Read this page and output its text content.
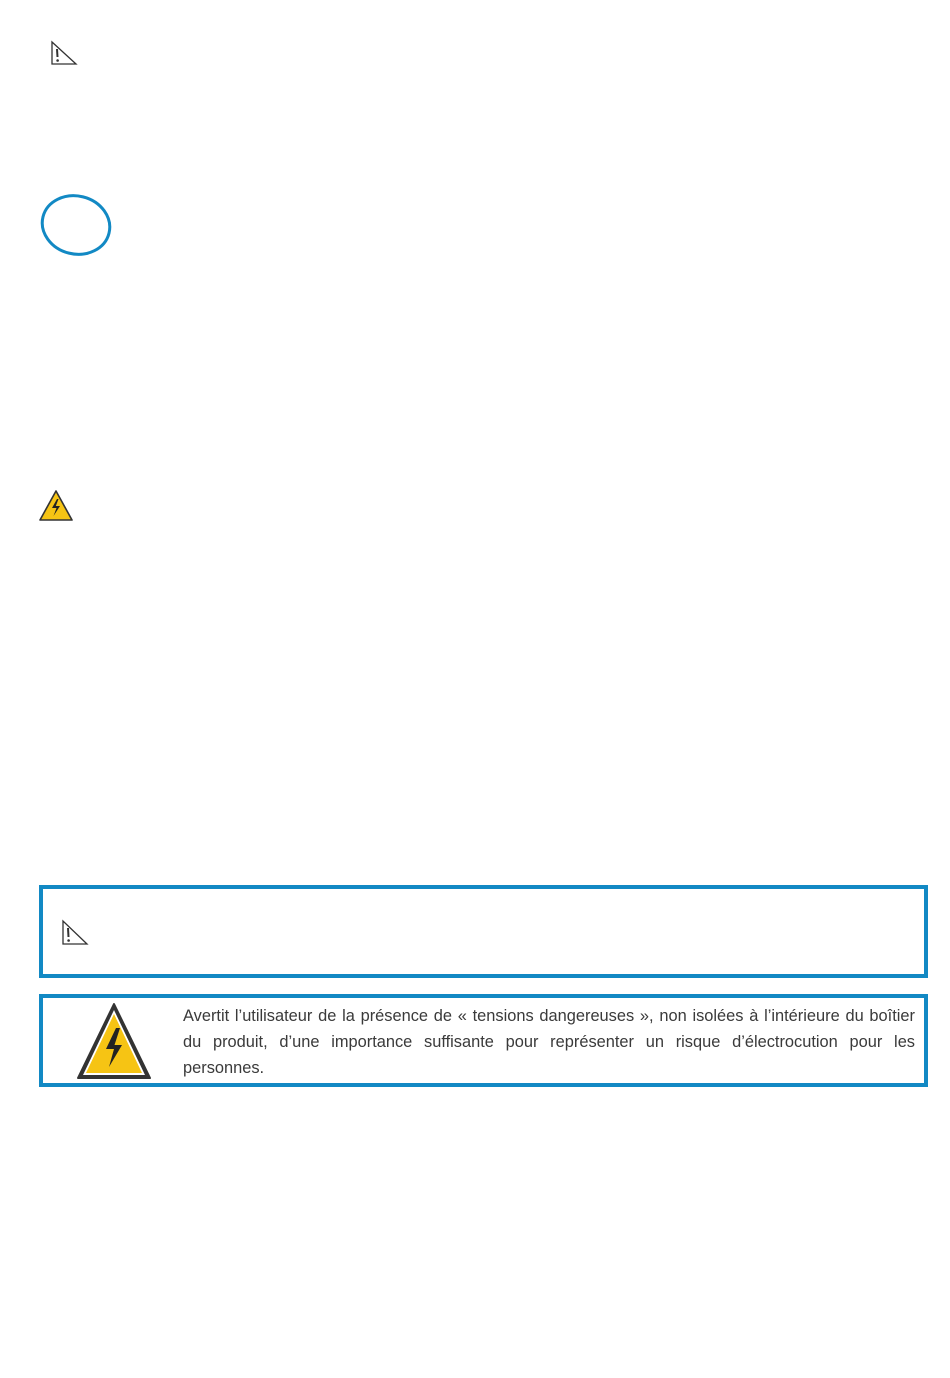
Avertit l’utilisateur de la présence de « tensions dangereuses », non isolées à l’intérieure du boîtier du produit, d’une importance suffisante pour représenter un risque d’électrocution pour les personnes.
